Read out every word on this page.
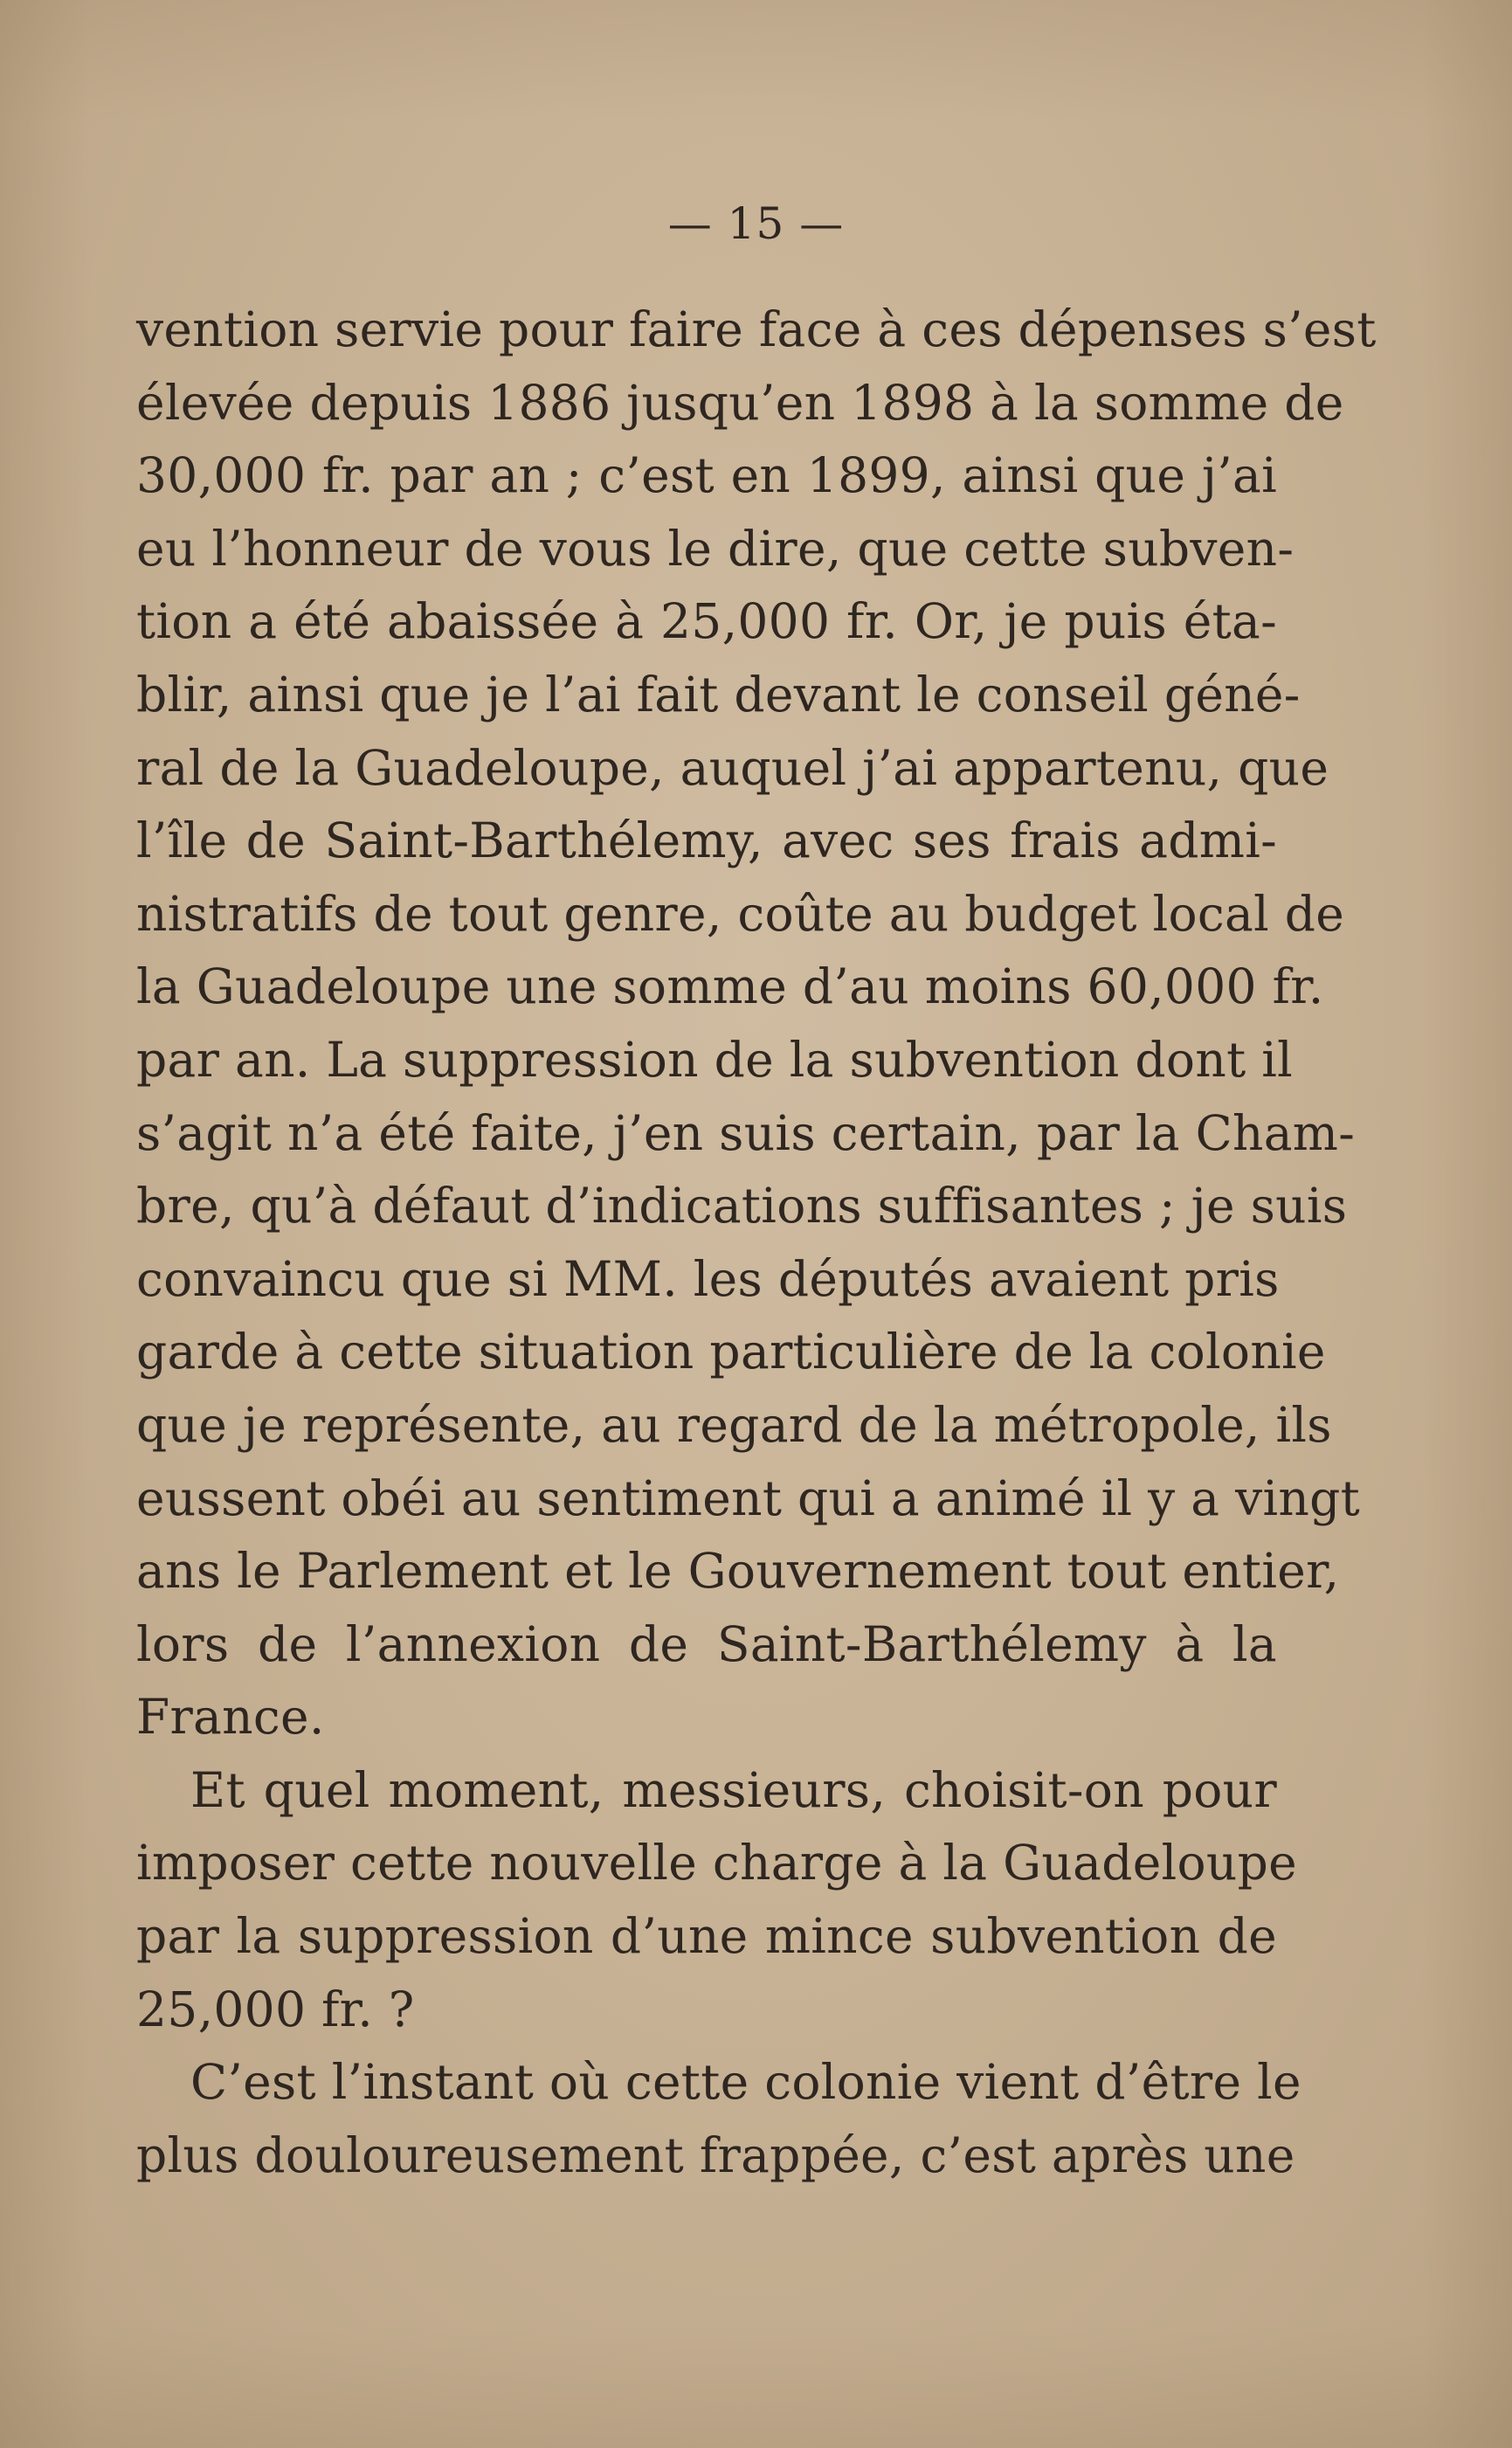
— 15 —
vention servie pour faire face à ces dépenses s’est
élevée depuis 1886 jusqu’en 1898 à la somme de
30,000 fr. par an ; c’est en 1899, ainsi que j’ai
eu l’honneur de vous le dire, que cette subven-
tion a été abaissée à 25,000 fr. Or, je puis éta-
blir, ainsi que je l’ai fait devant le conseil géné-
ral de la Guadeloupe, auquel j’ai appartenu, que
l’île de Saint-Barthélemy, avec ses frais admi-
nistratifs de tout genre, coûte au budget local de
la Guadeloupe une somme d’au moins 60,000 fr.
par an. La suppression de la subvention dont il
s’agit n’a été faite, j’en suis certain, par la Cham-
bre, qu’à défaut d’indications suffisantes ; je suis
convaincu que si MM. les députés avaient pris
garde à cette situation particulière de la colonie
que je représente, au regard de la métropole, ils
eussent obéi au sentiment qui a animé il y a vingt
ans le Parlement et le Gouvernement tout entier,
lors de l’annexion de Saint-Barthélemy à la
France.
Et quel moment, messieurs, choisit-on pour
imposer cette nouvelle charge à la Guadeloupe
par la suppression d’une mince subvention de
25,000 fr. ?
C’est l’instant où cette colonie vient d’être le
plus douloureusement frappée, c’est après une
